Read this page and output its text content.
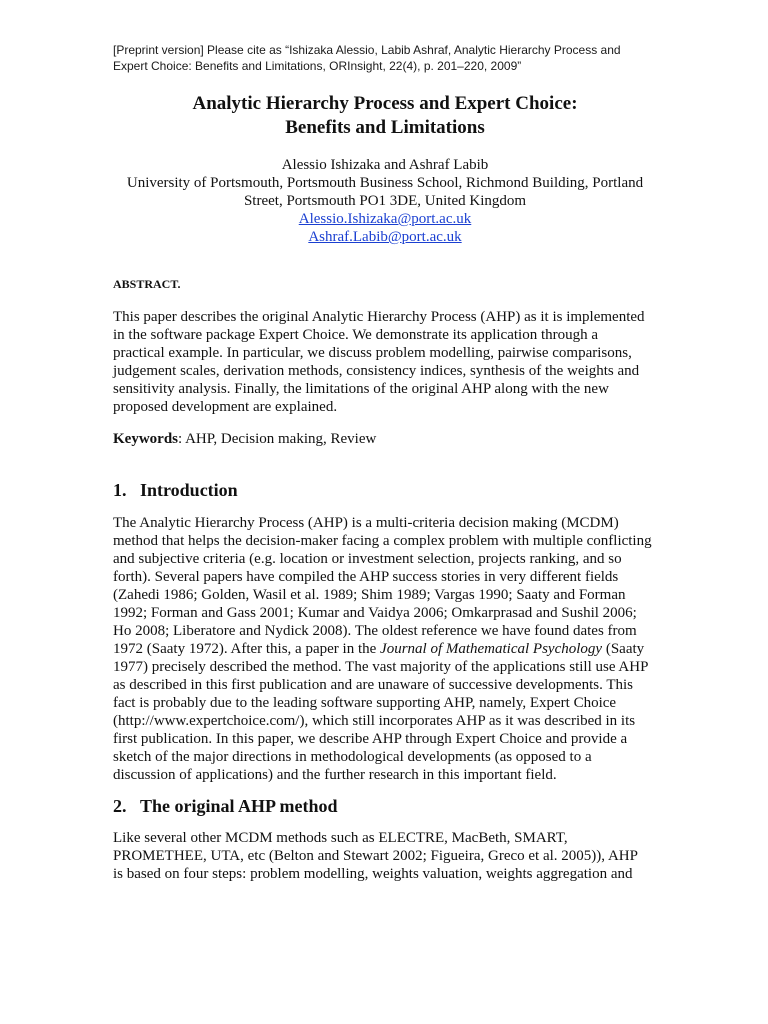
[Preprint version] Please cite as “Ishizaka Alessio, Labib Ashraf, Analytic Hierarchy Process and
Expert Choice: Benefits and Limitations, ORInsight, 22(4), p. 201–220, 2009”
Analytic Hierarchy Process and Expert Choice:
Benefits and Limitations
Alessio Ishizaka and Ashraf Labib
University of Portsmouth, Portsmouth Business School, Richmond Building, Portland
Street, Portsmouth PO1 3DE, United Kingdom
Alessio.Ishizaka@port.ac.uk
Ashraf.Labib@port.ac.uk
ABSTRACT.
This paper describes the original Analytic Hierarchy Process (AHP) as it is implemented
in the software package Expert Choice. We demonstrate its application through a
practical example. In particular, we discuss problem modelling, pairwise comparisons,
judgement scales, derivation methods, consistency indices, synthesis of the weights and
sensitivity analysis. Finally, the limitations of the original AHP along with the new
proposed development are explained.
Keywords: AHP, Decision making, Review
1. Introduction
The Analytic Hierarchy Process (AHP) is a multi-criteria decision making (MCDM)
method that helps the decision-maker facing a complex problem with multiple conflicting
and subjective criteria (e.g. location or investment selection, projects ranking, and so
forth). Several papers have compiled the AHP success stories in very different fields
(Zahedi 1986; Golden, Wasil et al. 1989; Shim 1989; Vargas 1990; Saaty and Forman
1992; Forman and Gass 2001; Kumar and Vaidya 2006; Omkarprasad and Sushil 2006;
Ho 2008; Liberatore and Nydick 2008). The oldest reference we have found dates from
1972 (Saaty 1972). After this, a paper in the Journal of Mathematical Psychology (Saaty
1977) precisely described the method. The vast majority of the applications still use AHP
as described in this first publication and are unaware of successive developments. This
fact is probably due to the leading software supporting AHP, namely, Expert Choice
(http://www.expertchoice.com/), which still incorporates AHP as it was described in its
first publication. In this paper, we describe AHP through Expert Choice and provide a
sketch of the major directions in methodological developments (as opposed to a
discussion of applications) and the further research in this important field.
2. The original AHP method
Like several other MCDM methods such as ELECTRE, MacBeth, SMART,
PROMETHEE, UTA, etc (Belton and Stewart 2002; Figueira, Greco et al. 2005)), AHP
is based on four steps: problem modelling, weights valuation, weights aggregation and
